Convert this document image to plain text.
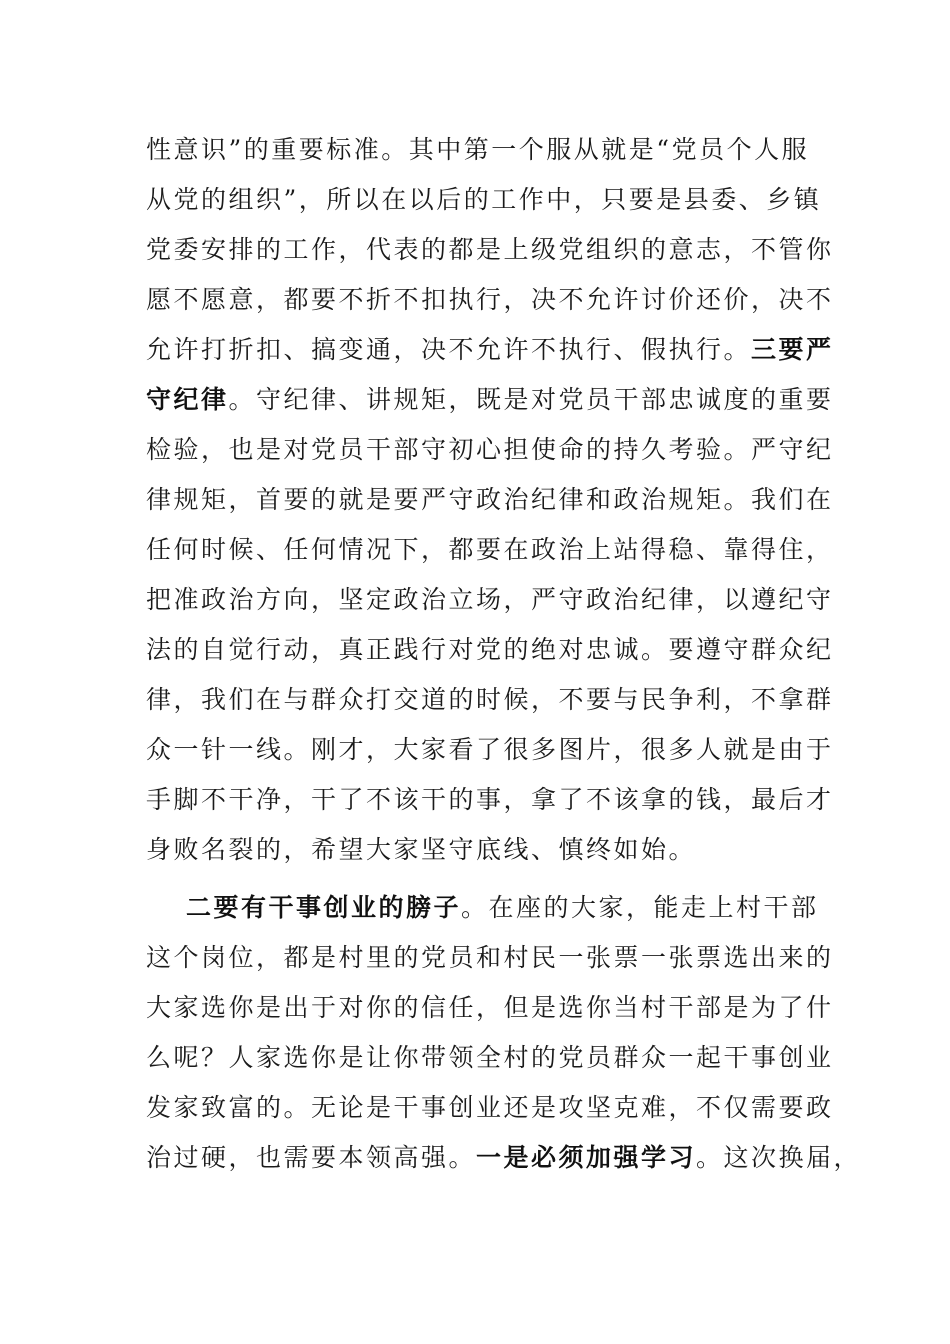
性意识”的重要标准。其中第一个服从就是“党员个人服
从党的组织”，所以在以后的工作中，只要是县委、乡镇
党委安排的工作，代表的都是上级党组织的意志，不管你
愿不愿意，都要不折不扣执行，决不允许讨价还价，决不
允许打折扣、搞变通，决不允许不执行、假执行。三要严
守纪律。守纪律、讲规矩，既是对党员干部忠诚度的重要
检验，也是对党员干部守初心担使命的持久考验。严守纪
律规矩，首要的就是要严守政治纪律和政治规矩。我们在
任何时候、任何情况下，都要在政治上站得稳、靠得住，
把准政治方向，坚定政治立场，严守政治纪律，以遵纪守
法的自觉行动，真正践行对党的绝对忠诚。要遵守群众纪
律，我们在与群众打交道的时候，不要与民争利，不拿群
众一针一线。刚才，大家看了很多图片，很多人就是由于
手脚不干净，干了不该干的事，拿了不该拿的钱，最后才
身败名裂的，希望大家坚守底线、慎终如始。
二要有干事创业的膀子。在座的大家，能走上村干部
这个岗位，都是村里的党员和村民一张票一张票选出来的
大家选你是出于对你的信任，但是选你当村干部是为了什
么呢？人家选你是让你带领全村的党员群众一起干事创业
发家致富的。无论是干事创业还是攻坚克难，不仅需要政
治过硬，也需要本领高强。一是必须加强学习。这次换届，
